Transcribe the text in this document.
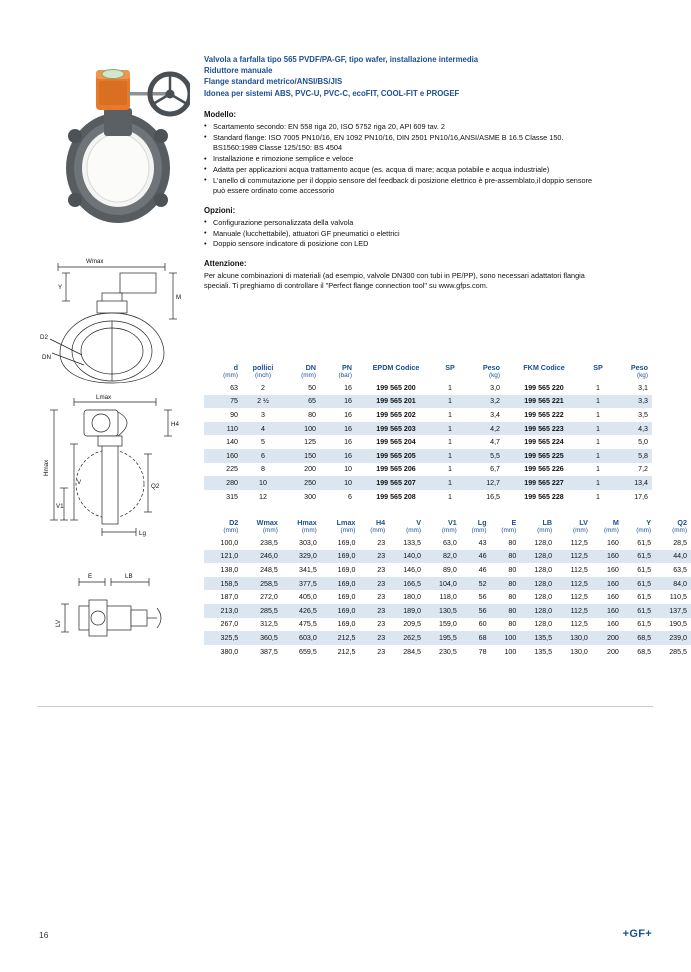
Wmax
Y
M
D2
DN
Lmax
H4
Hmax
V
V1
Q2
Lg
E	LB
LV
Valvola a farfalla tipo 565 PVDF/PA-GF, tipo wafer, installazione intermedia
Riduttore manuale
Flange standard metrico/ANSI/BS/JIS
Idonea per sistemi ABS, PVC-U, PVC-C, ecoFIT, COOL-FIT e PROGEF
Modello:
• Scartamento secondo: EN 558 riga 20, ISO 5752 riga 20, API 609 tav. 2
• Standard flange: ISO 7005 PN10/16, EN 1092 PN10/16, DIN 2501 PN10/16,ANSI/ASME B 16.5 Classe 150. BS1560:1989 Classe 125/150: BS 4504
• Installazione e rimozione semplice e veloce
• Adatta per applicazioni acqua trattamento acque (es. acqua di mare; acqua potabile e acqua industriale)
• L'anello di commutazione per il doppio sensore del feedback di posizione elettrico è pre-assemblato,il doppio sensore può essere ordinato come accessorio
Opzioni:
• Configurazione personalizzata della valvola
• Manuale (lucchettabile), attuatori GF pneumatici o elettrici
• Doppio sensore indicatore di posizione con LED
Attenzione:

Per alcune combinazioni di materiali (ad esempio, valvole DN300 con tubi in PE/PP), sono necessari adattatori flangia speciali. Ti preghiamo di controllare il "Perfect flange connection tool" su www.gfps.com.

d	pollici	DN	PN	EPDM Codice	SP	Peso	FKM Codice	SP	Peso
(mm)	(inch)	(mm)	(bar)			(kg)			(kg)
63	2	50	16	199 565 200	1	3,0	199 565 220	1	3,1
75	2 ½	65	16	199 565 201	1	3,2	199 565 221	1	3,3
90	3	80	16	199 565 202	1	3,4	199 565 222	1	3,5
110	4	100	16	199 565 203	1	4,2	199 565 223	1	4,3
140	5	125	16	199 565 204	1	4,7	199 565 224	1	5,0
160	6	150	16	199 565 205	1	5,5	199 565 225	1	5,8
225	8	200	10	199 565 206	1	6,7	199 565 226	1	7,2
280	10	250	10	199 565 207	1	12,7	199 565 227	1	13,4
315	12	300	6	199 565 208	1	16,5	199 565 228	1	17,6
D2	Wmax	Hmax	Lmax	H4	V	V1	Lg	E	LB	LV	M	Y	Q2
(mm)	(mm)	(mm)	(mm)	(mm)	(mm)	(mm)	(mm)	(mm)	(mm)	(mm)	(mm)	(mm)	(mm)
100,0	238,5	303,0	169,0	23	133,5	63,0	43	80	128,0	112,5	160	61,5	28,5
121,0	246,0	329,0	169,0	23	140,0	82,0	46	80	128,0	112,5	160	61,5	44,0
138,0	248,5	341,5	169,0	23	146,0	89,0	46	80	128,0	112,5	160	61,5	63,5
158,5	258,5	377,5	169,0	23	166,5	104,0	52	80	128,0	112,5	160	61,5	84,0
187,0	272,0	405,0	169,0	23	180,0	118,0	56	80	128,0	112,5	160	61,5	110,5
213,0	285,5	426,5	169,0	23	189,0	130,5	56	80	128,0	112,5	160	61,5	137,5
267,0	312,5	475,5	169,0	23	209,5	159,0	60	80	128,0	112,5	160	61,5	190,5
325,5	360,5	603,0	212,5	23	262,5	195,5	68	100	135,5	130,0	200	68,5	239,0
380,0	387,5	659,5	212,5	23	284,5	230,5	78	100	135,5	130,0	200	68,5	285,5
16	+GF+
